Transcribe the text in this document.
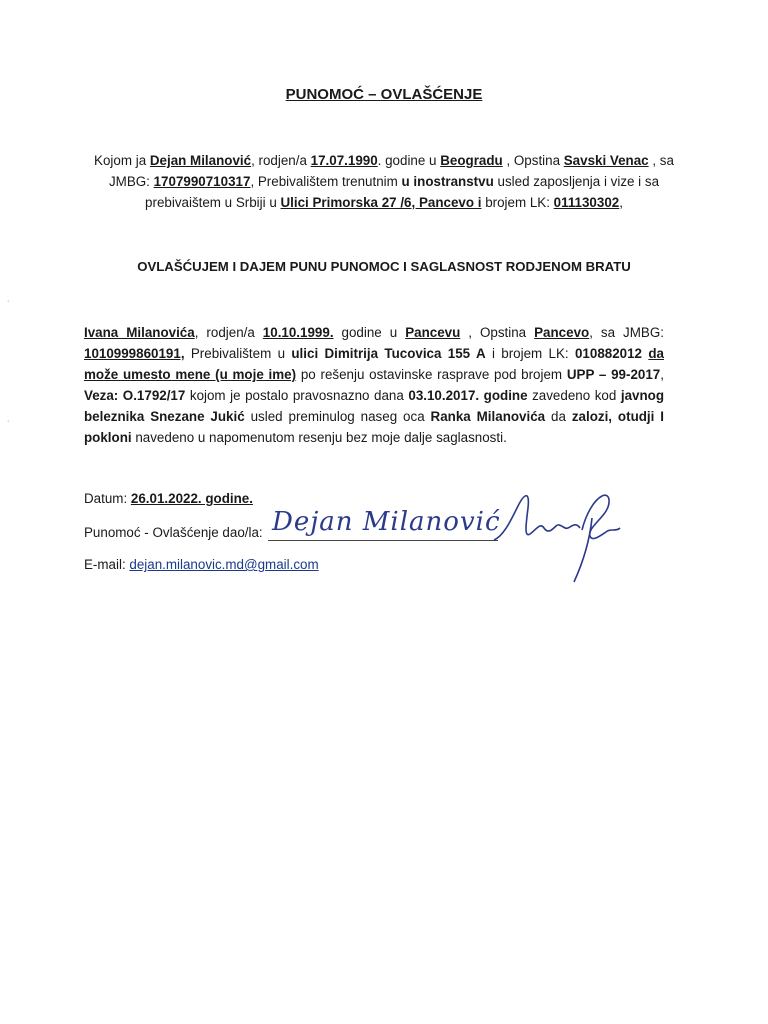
PUNOMOĆ – OVLAŠĆENJE
Kojom ja Dejan Milanović, rodjen/a 17.07.1990. godine u Beogradu , Opstina Savski Venac , sa JMBG: 1707990710317, Prebivalištem trenutnim u inostranstvu usled zaposljenja i vize i sa prebivaištem u Srbiji u Ulici Primorska 27 /6, Pancevo i brojem LK: 011130302,
OVLAŠĆUJEM I DAJEM PUNU PUNOMOC I SAGLASNOST RODJENOM BRATU
Ivana Milanovića, rodjen/a 10.10.1999. godine u Pancevu , Opstina Pancevo, sa JMBG: 1010999860191, Prebivalištem u ulici Dimitrija Tucovica 155 A i brojem LK: 010882012 da može umesto mene (u moje ime) po rešenju ostavinske rasprave pod brojem UPP – 99-2017, Veza: O.1792/17 kojom je postalo pravosnazno dana 03.10.2017. godine zavedeno kod javnog beleznika Snezane Jukić usled preminulog naseg oca Ranka Milanovića da zalozi, otudji I pokloni navedeno u napomenutom resenju bez moje dalje saglasnosti.
Datum: 26.01.2022. godine.
Punomoć - Ovlašćenje dao/la: Dejan Milanović
E-mail: dejan.milanovic.md@gmail.com
·
·
